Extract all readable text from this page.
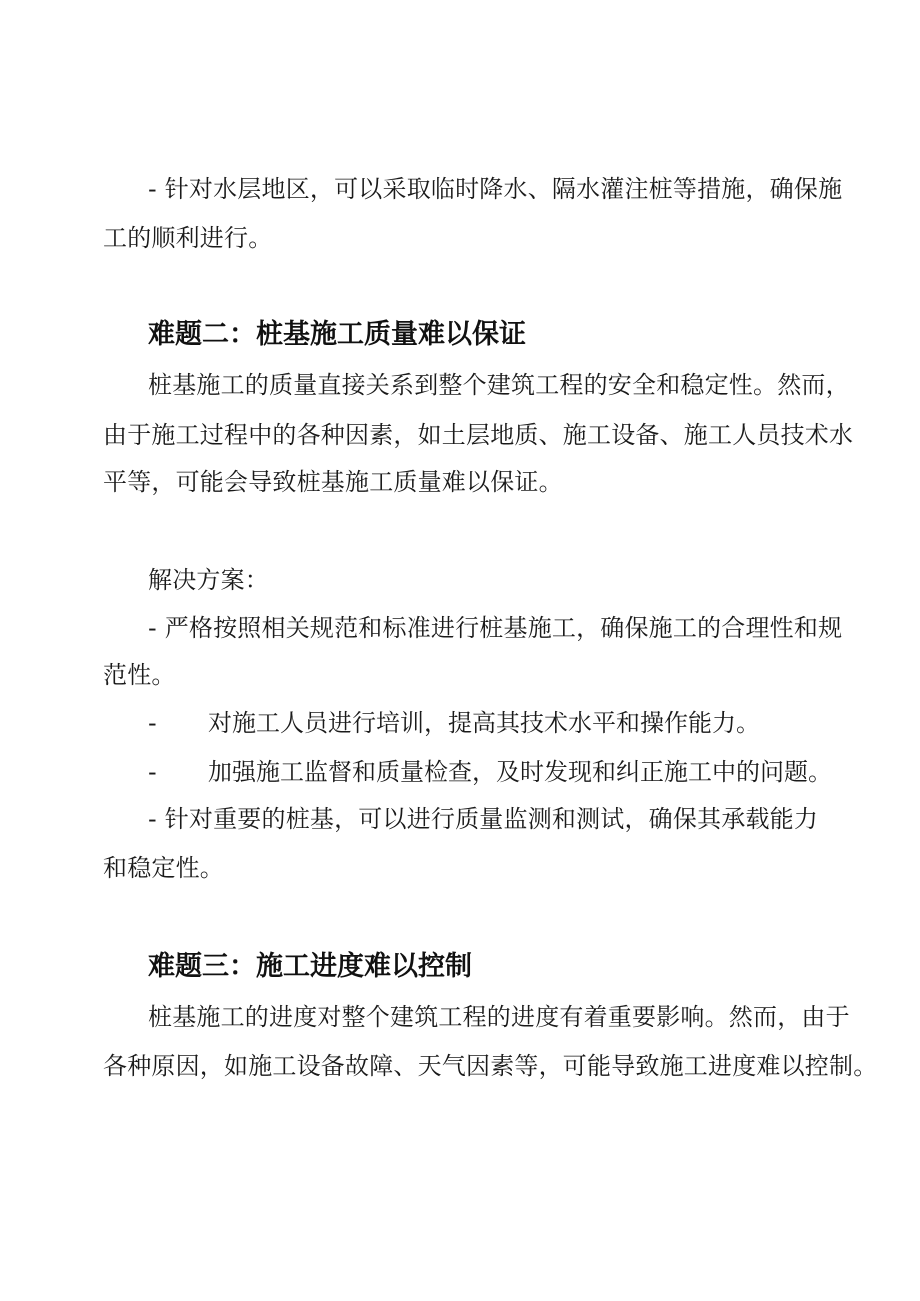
- 针对水层地区，可以采取临时降水、隔水灌注桩等措施，确保施
工的顺利进行。
难题二：桩基施工质量难以保证
桩基施工的质量直接关系到整个建筑工程的安全和稳定性。然而，
由于施工过程中的各种因素，如土层地质、施工设备、施工人员技术水
平等，可能会导致桩基施工质量难以保证。
解决方案：
- 严格按照相关规范和标准进行桩基施工，确保施工的合理性和规
范性。
- 对施工人员进行培训，提高其技术水平和操作能力。
- 加强施工监督和质量检查，及时发现和纠正施工中的问题。
- 针对重要的桩基，可以进行质量监测和测试，确保其承载能力
和稳定性。
难题三：施工进度难以控制
桩基施工的进度对整个建筑工程的进度有着重要影响。然而，由于
各种原因，如施工设备故障、天气因素等，可能导致施工进度难以控制。
